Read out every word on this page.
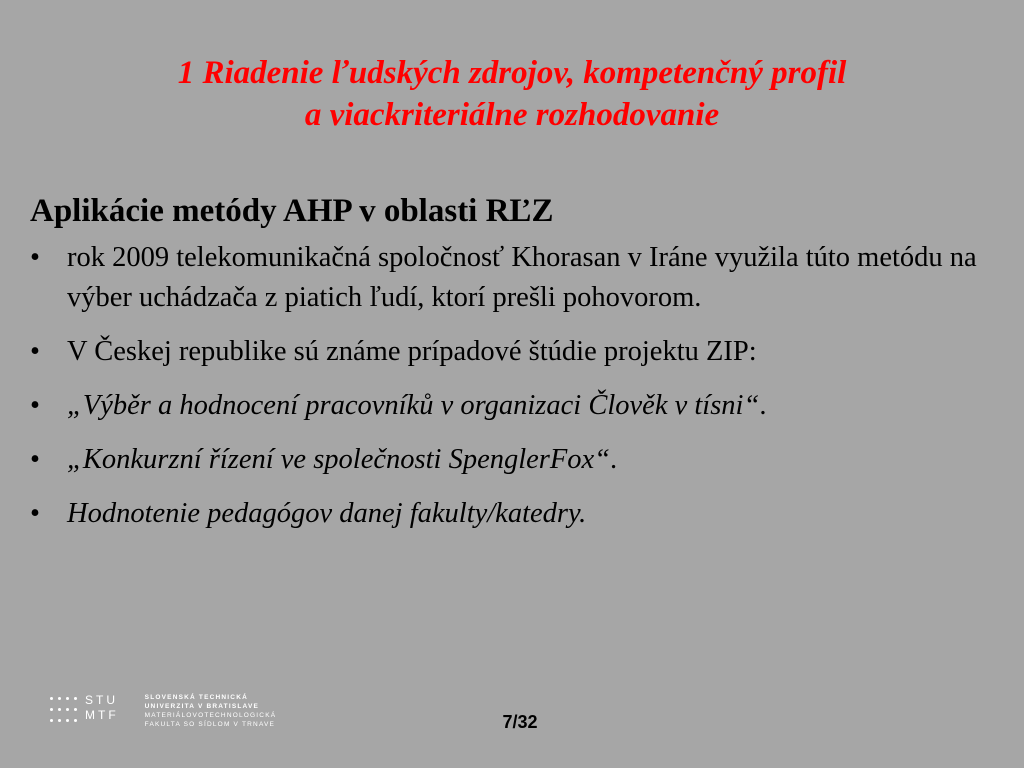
1 Riadenie ľudských zdrojov, kompetenčný profil
a viackriteriálne rozhodovanie
Aplikácie metódy AHP v oblasti RĽZ
• rok 2009 telekomunikačná spoločnosť Khorasan v Iráne využila túto metódu na výber uchádzača z piatich ľudí, ktorí prešli pohovorom.
• V Českej republike sú známe prípadové štúdie projektu ZIP:
• „Výběr a hodnocení pracovníků v organizaci Člověk v tísni“.
• „Konkurzní řízení ve společnosti SpenglerFox“.
• Hodnotenie pedagógov danej fakulty/katedry.
STU
MTF
SLOVENSKÁ TECHNICKÁ
UNIVERZITA V BRATISLAVE
MATERIÁLOVOTECHNOLOGICKÁ
FAKULTA SO SÍDLOM V TRNAVE	7/32
